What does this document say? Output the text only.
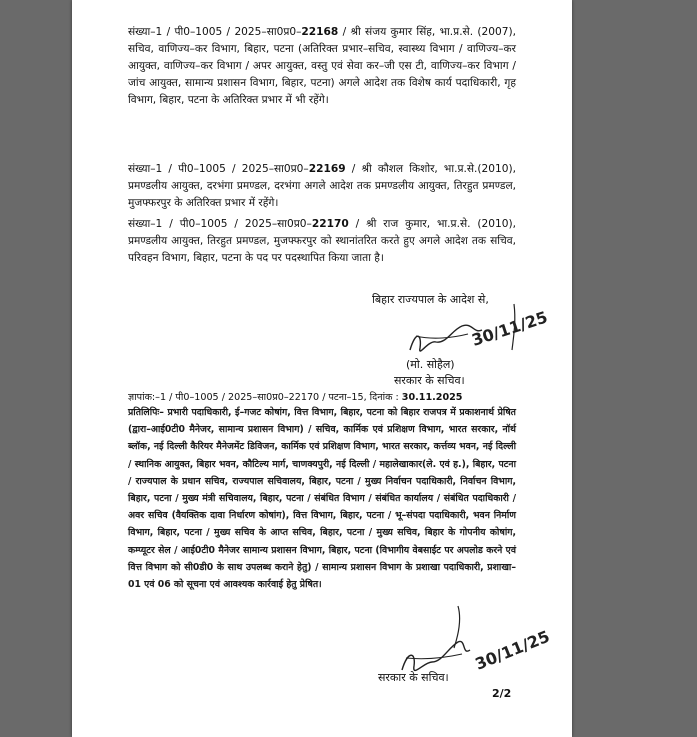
संख्या–1 / पी0–1005 / 2025–सा0प्र0–22168 / श्री संजय कुमार सिंह, भा.प्र.से. (2007), सचिव, वाणिज्य–कर विभाग, बिहार, पटना (अतिरिक्त प्रभार–सचिव, स्वास्थ्य विभाग / वाणिज्य–कर आयुक्त, वाणिज्य–कर विभाग / अपर आयुक्त, वस्तु एवं सेवा कर–जी एस टी, वाणिज्य–कर विभाग / जांच आयुक्त, सामान्य प्रशासन विभाग, बिहार, पटना) अगले आदेश तक विशेष कार्य पदाधिकारी, गृह विभाग, बिहार, पटना के अतिरिक्त प्रभार में भी रहेंगे।

संख्या–1 / पी0–1005 / 2025–सा0प्र0–22169 / श्री कौशल किशोर, भा.प्र.से.(2010), प्रमण्डलीय आयुक्त, दरभंगा प्रमण्डल, दरभंगा अगले आदेश तक प्रमण्डलीय आयुक्त, तिरहुत प्रमण्डल, मुजफ्फरपुर के अतिरिक्त प्रभार में रहेंगे।

संख्या–1 / पी0–1005 / 2025–सा0प्र0–22170 / श्री राज कुमार, भा.प्र.से. (2010), प्रमण्डलीय आयुक्त, तिरहुत प्रमण्डल, मुजफ्फरपुर को स्थानांतरित करते हुए अगले आदेश तक सचिव, परिवहन विभाग, बिहार, पटना के पद पर पदस्थापित किया जाता है।

बिहार राज्यपाल के आदेश से,
30/11/25
(मो. सोहैल)
सरकार के सचिव।
ज्ञापांक:–1 / पी0–1005 / 2025–सा0प्र0–22170 / पटना–15, दिनांक : 30.11.2025

प्रतिलिपिः– प्रभारी पदाधिकारी, ई–गजट कोषांग, वित्त विभाग, बिहार, पटना को बिहार राजपत्र में प्रकाशनार्थ प्रेषित (द्वारा–आई0टी0 मैनेजर, सामान्य प्रशासन विभाग) / सचिव, कार्मिक एवं प्रशिक्षण विभाग, भारत सरकार, नॉर्थ ब्लॉक, नई दिल्ली कैरियर मैनेजमेंट डिविजन, कार्मिक एवं प्रशिक्षण विभाग, भारत सरकार, कर्त्तव्य भवन, नई दिल्ली / स्थानिक आयुक्त, बिहार भवन, कौटिल्य मार्ग, चाणक्यपुरी, नई दिल्ली / महालेखाकार(ले. एवं ह.), बिहार, पटना / राज्यपाल के प्रधान सचिव, राज्यपाल सचिवालय, बिहार, पटना / मुख्य निर्वाचन पदाधिकारी, निर्वाचन विभाग, बिहार, पटना / मुख्य मंत्री सचिवालय, बिहार, पटना / संबंधित विभाग / संबंधित कार्यालय / संबंधित पदाधिकारी / अवर सचिव (वैयक्तिक दावा निर्धारण कोषांग), वित्त विभाग, बिहार, पटना / भू–संपदा पदाधिकारी, भवन निर्माण विभाग, बिहार, पटना / मुख्य सचिव के आप्त सचिव, बिहार, पटना / मुख्य सचिव, बिहार के गोपनीय कोषांग, कम्प्यूटर सेल / आई0टी0 मैनेजर सामान्य प्रशासन विभाग, बिहार, पटना (विभागीय वेबसाईट पर अपलोड करने एवं वित्त विभाग को सी0डी0 के साथ उपलब्ध कराने हेतु) / सामान्य प्रशासन विभाग के प्रशाखा पदाधिकारी, प्रशाखा–01 एवं 06 को सूचना एवं आवश्यक कार्रवाई हेतु प्रेषित।

30/11/25
सरकार के सचिव।
2/2
